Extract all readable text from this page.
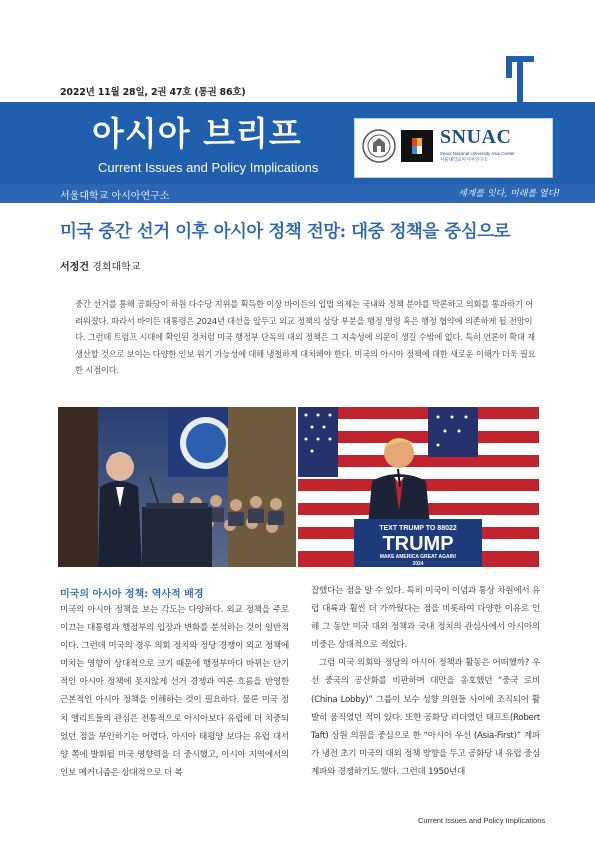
2022년 11월 28일, 2권 47호 (통권 86호)
아시아 브리프
Current Issues and Policy Implications
SNUAC
Seoul National University Asia Center
서울대학교아시아연구소
서울대학교 아시아연구소	세계를 잇다, 미래를 열다!
미국 중간 선거 이후 아시아 정책 전망: 대중 정책을 중심으로
서정건 경희대학교
중간 선거를 통해 공화당이 하원 다수당 지위를 획득한 이상 바이든의 입법 의제는 국내와 정책 분야를 막론하고 의회를 통과하기 어려워졌다. 따라서 바이든 대통령은 2024년 대선을 앞두고 외교 정책의 상당 부분을 행정 명령 혹은 행정 협약에 의존하게 될 전망이다. 그런데 트럼프 시대에 확인된 것처럼 미국 행정부 단독의 대외 정책은 그 지속성에 의문이 생길 수밖에 없다. 특히 언론이 확대 재생산할 것으로 보이는 다양한 인보 위기 가능성에 대해 냉철하게 대처해야 한다. 미국의 아시아 정책에 대한 새로운 이해가 더욱 필요한 시점이다.
TEXT TRUMP TO 88022
TRUMP
MAKE AMERICA GREAT AGAIN!
2024
미국의 아시아 정책: 역사적 배경

미국의 아시아 정책을 보는 각도는 다양하다. 외교 정책을 주로 이끄는 대통령과 행정부의 입장과 변화를 분석하는 것이 일반적이다. 그런데 미국의 경우 의회 정치와 정당 경쟁이 외교 정책에 미치는 영향이 상대적으로 크기 때문에 행정부마다 바뀌는 단기적인 아시아 정책에 못지않게 선거 경쟁과 여론 흐름을 반영한 근본적인 아시아 정책을 이해하는 것이 필요하다. 물론 미국 정치 엘리트들의 관심은 전통적으로 아시아보다 유럽에 더 치중되었던 점을 부인하기는 어렵다. 아시아 태평양 보다는 유럽 대서양 쪽에 발휘될 미국 영향력을 더 중시했고, 아시아 지역에서의 인보 메커니즘은 상대적으로 더 복

잡했다는 점을 알 수 있다. 특히 미국이 이념과 통상 차원에서 유럽 대륙과 훨씬 더 가까웠다는 점을 비롯하여 다양한 이유로 인해 그 동안 미국 대외 정책과 국내 정치의 관심사에서 아시아의 비중은 상대적으로 적었다.

그럼 미국 의회와 정당의 아시아 정책과 활동은 어떠했까? 우선 중국의 공산화를 비판하며 대만을 옹호했던 “중국 로비(China Lobby)” 그룹이 보수 성향 의원들 사이에 조직되어 활발히 움직였던 적이 있다. 또한 공화당 리더였던 태프트(Robert Taft) 상원 의원을 중심으로 한 “아시아 우선 (Asia-First)” 계파가 냉전 초기 미국의 대외 정책 방향을 두고 공화당 내 유럽 중심 계파와 경쟁하기도 했다. 그런데 1950년대

Current Issues and Policy Implications
